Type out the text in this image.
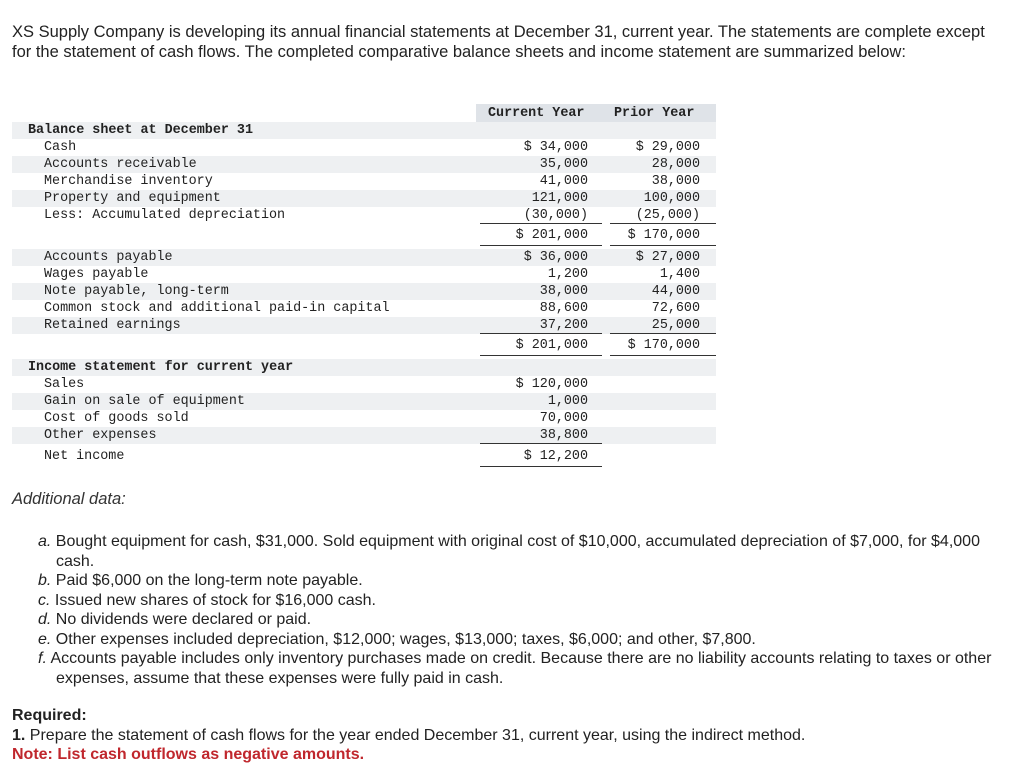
XS Supply Company is developing its annual financial statements at December 31, current year. The statements are complete except for the statement of cash flows. The completed comparative balance sheets and income statement are summarized below:
Current Year Prior Year
Balance sheet at December 31
Cash	$ 34,000	$ 29,000
Accounts receivable	35,000	28,000
Merchandise inventory	41,000	38,000
Property and equipment	121,000	100,000
Less: Accumulated depreciation	(30,000)	(25,000)
$ 201,000	$ 170,000
Accounts payable	$ 36,000	$ 27,000
Wages payable	1,200	1,400
Note payable, long-term	38,000	44,000
Common stock and additional paid-in capital	88,600	72,600
Retained earnings	37,200	25,000
$ 201,000	$ 170,000
Income statement for current year
Sales	$ 120,000
Gain on sale of equipment	1,000
Cost of goods sold	70,000
Other expenses	38,800
Net income	$ 12,200
Additional data:
a. Bought equipment for cash, $31,000. Sold equipment with original cost of $10,000, accumulated depreciation of $7,000, for $4,000 cash.
b. Paid $6,000 on the long-term note payable.
c. Issued new shares of stock for $16,000 cash.
d. No dividends were declared or paid.
e. Other expenses included depreciation, $12,000; wages, $13,000; taxes, $6,000; and other, $7,800.
f. Accounts payable includes only inventory purchases made on credit. Because there are no liability accounts relating to taxes or other expenses, assume that these expenses were fully paid in cash.
Required:
1. Prepare the statement of cash flows for the year ended December 31, current year, using the indirect method.
Note: List cash outflows as negative amounts.
